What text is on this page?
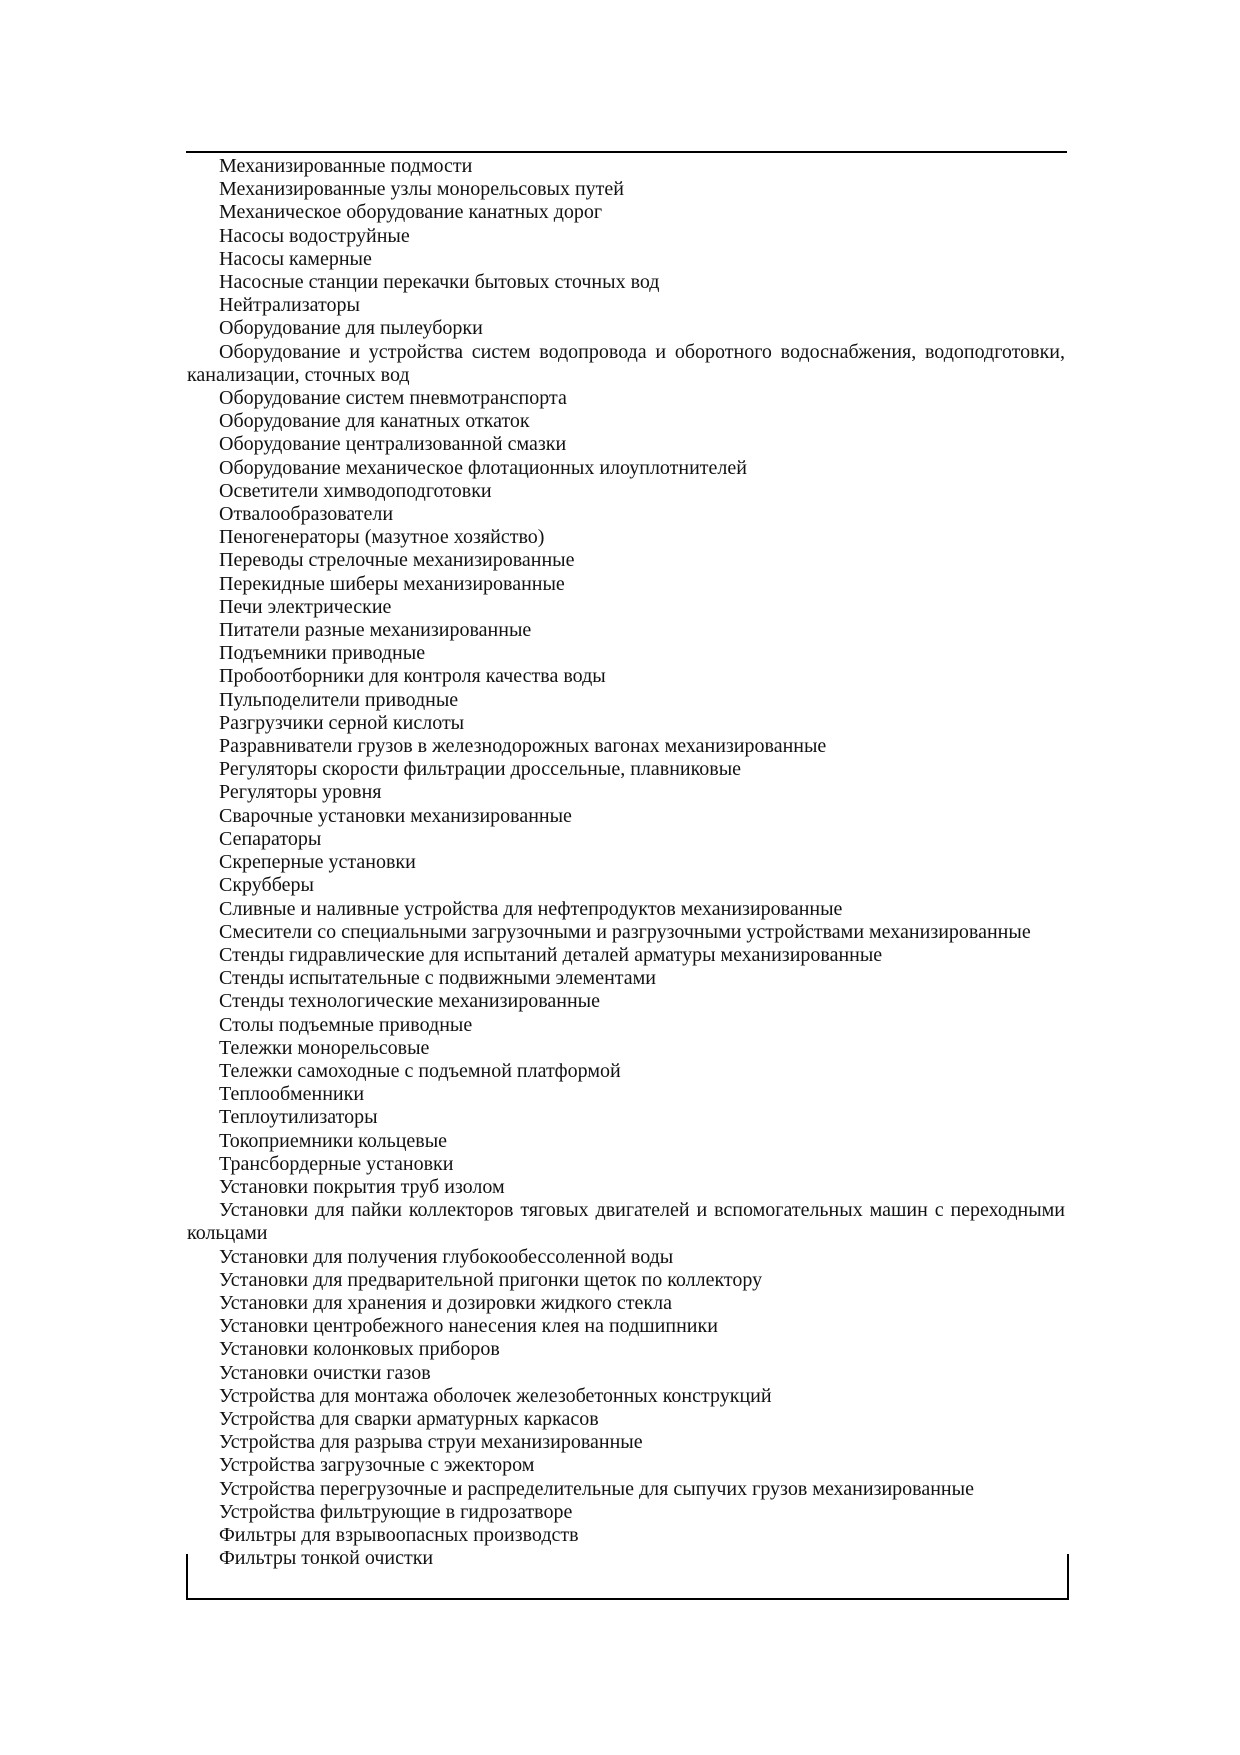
Механизированные подмости

Механизированные узлы монорельсовых путей

Механическое оборудование канатных дорог

Насосы водоструйные

Насосы камерные

Насосные станции перекачки бытовых сточных вод

Нейтрализаторы

Оборудование для пылеуборки

Оборудование и устройства систем водопровода и оборотного водоснабжения, водоподготовки, канализации, сточных вод

Оборудование систем пневмотранспорта

Оборудование для канатных откаток

Оборудование централизованной смазки

Оборудование механическое флотационных илоуплотнителей

Осветители химводоподготовки

Отвалообразователи

Пеногенераторы (мазутное хозяйство)

Переводы стрелочные механизированные

Перекидные шиберы механизированные

Печи электрические

Питатели разные механизированные

Подъемники приводные

Пробоотборники для контроля качества воды

Пульподелители приводные

Разгрузчики серной кислоты

Разравниватели грузов в железнодорожных вагонах механизированные

Регуляторы скорости фильтрации дроссельные, плавниковые

Регуляторы уровня

Сварочные установки механизированные

Сепараторы

Скреперные установки

Скрубберы

Сливные и наливные устройства для нефтепродуктов механизированные

Смесители со специальными загрузочными и разгрузочными устройствами механизированные

Стенды гидравлические для испытаний деталей арматуры механизированные

Стенды испытательные с подвижными элементами

Стенды технологические механизированные

Столы подъемные приводные

Тележки монорельсовые

Тележки самоходные с подъемной платформой

Теплообменники

Теплоутилизаторы

Токоприемники кольцевые

Трансбордерные установки

Установки покрытия труб изолом

Установки для пайки коллекторов тяговых двигателей и вспомогательных машин с переходными кольцами

Установки для получения глубокообессоленной воды

Установки для предварительной пригонки щеток по коллектору

Установки для хранения и дозировки жидкого стекла

Установки центробежного нанесения клея на подшипники

Установки колонковых приборов

Установки очистки газов

Устройства для монтажа оболочек железобетонных конструкций

Устройства для сварки арматурных каркасов

Устройства для разрыва струи механизированные

Устройства загрузочные с эжектором

Устройства перегрузочные и распределительные для сыпучих грузов механизированные

Устройства фильтрующие в гидрозатворе

Фильтры для взрывоопасных производств

Фильтры тонкой очистки
